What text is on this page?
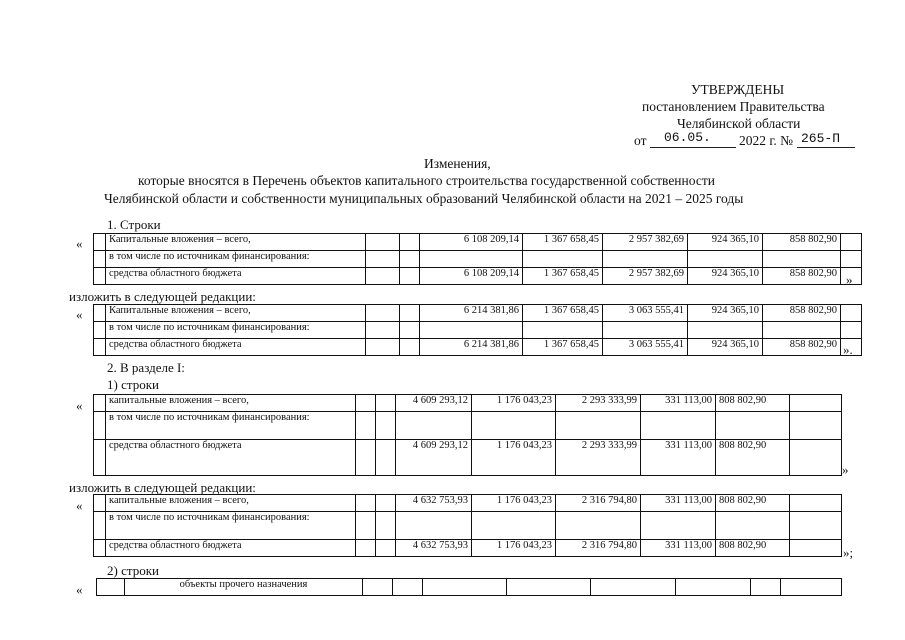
УТВЕРЖДЕНЫ
постановлением Правительства
Челябинской области
от 06.05. 2022 г. № 265-П
Изменения,
которые вносятся в Перечень объектов капитального строительства государственной собственности
Челябинской области и собственности муниципальных образований Челябинской области на 2021 – 2025 годы
1. Строки
«
		Капитальные вложения – всего,			6 108 209,14	1 367 658,45	2 957 382,69	924 365,10	858 802,90	
	в том числе по источникам финансирования:								
	средства областного бюджета			6 108 209,14	1 367 658,45	2 957 382,69	924 365,10	858 802,90	»
изложить в следующей редакции:
«
		Капитальные вложения – всего,			6 214 381,86	1 367 658,45	3 063 555,41	924 365,10	858 802,90	
	в том числе по источникам финансирования:								
	средства областного бюджета			6 214 381,86	1 367 658,45	3 063 555,41	924 365,10	858 802,90	».
2. В разделе I:
1) строки
«
		капитальные вложения – всего,			4 609 293,12	1 176 043,23	2 293 333,99	331 113,00	808 802,90	
	в том числе по источникам финансирования:								
	средства областного бюджета			4 609 293,12	1 176 043,23	2 293 333,99	331 113,00	808 802,90	
»
изложить в следующей редакции:
«
		капитальные вложения – всего,			4 632 753,93	1 176 043,23	2 316 794,80	331 113,00	808 802,90	
	в том числе по источникам финансирования:								
	средства областного бюджета			4 632 753,93	1 176 043,23	2 316 794,80	331 113,00	808 802,90		»;
2) строки
«
		объекты прочего назначения								
